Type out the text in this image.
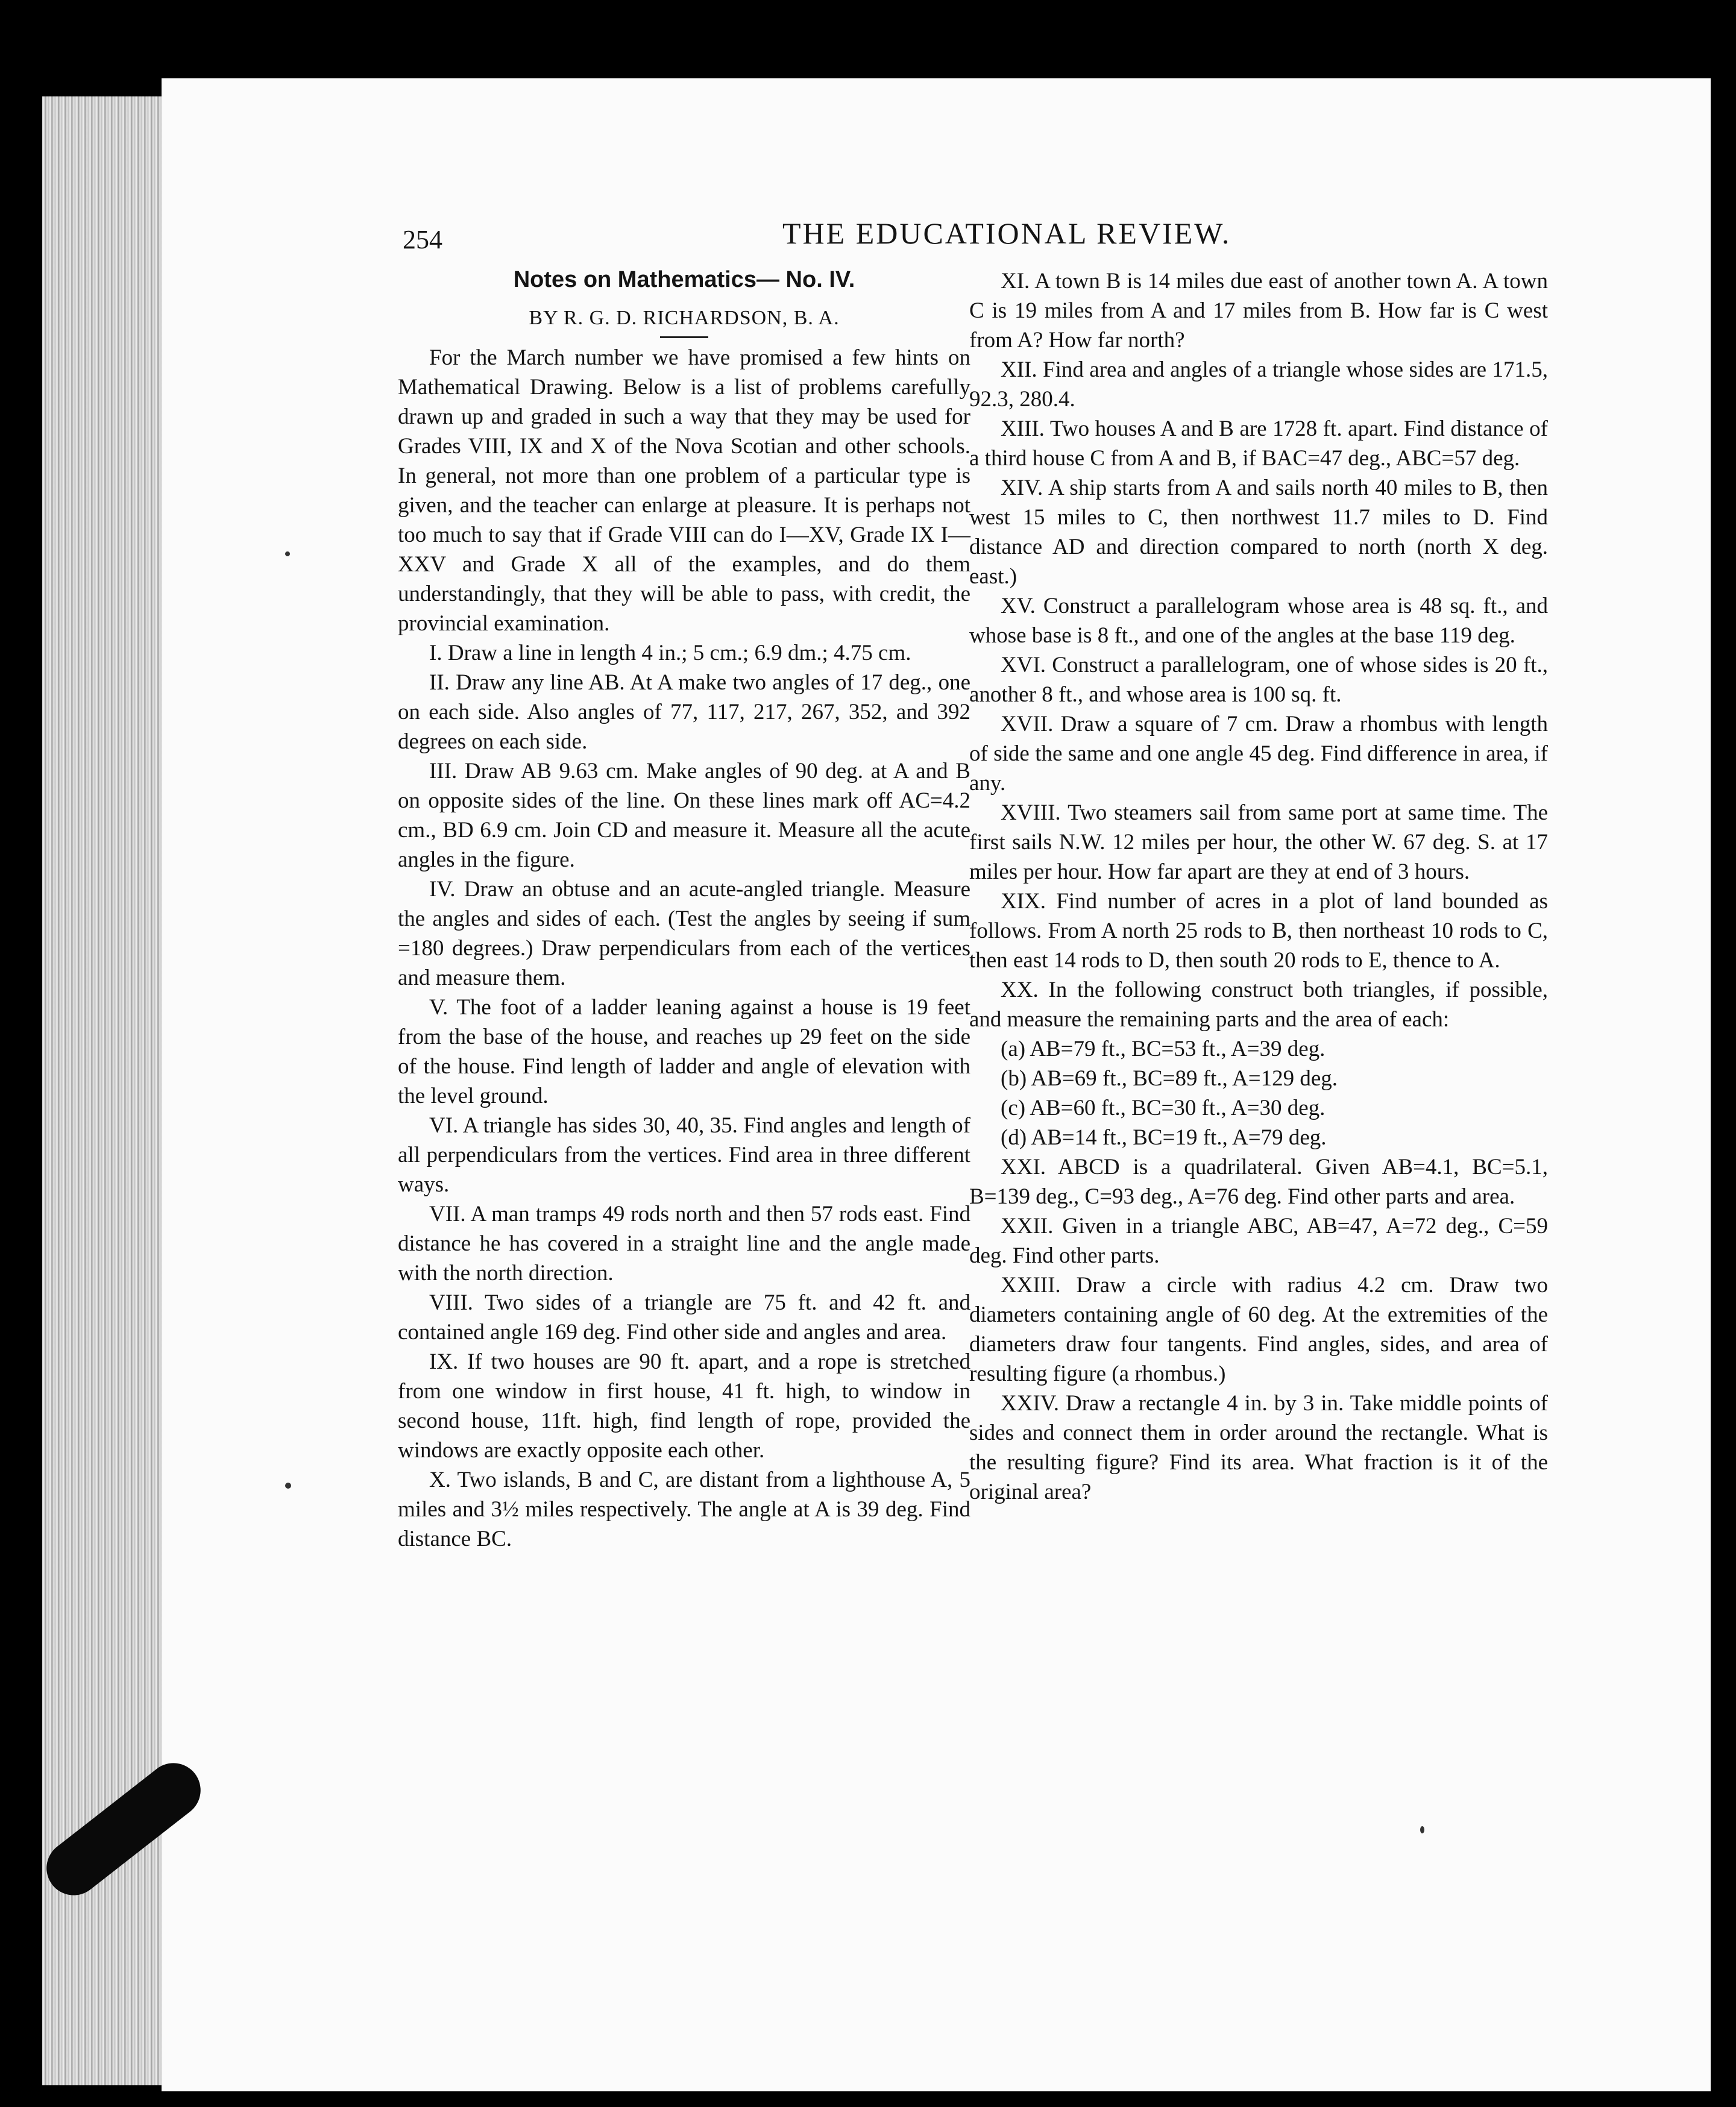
254	THE EDUCATIONAL REVIEW.
Notes on Mathematics— No. IV.
BY R. G. D. RICHARDSON, B. A.

For the March number we have promised a few hints on Mathematical Drawing. Below is a list of problems carefully drawn up and graded in such a way that they may be used for Grades VIII, IX and X of the Nova Scotian and other schools. In general, not more than one problem of a particular type is given, and the teacher can enlarge at pleasure. It is perhaps not too much to say that if Grade VIII can do I—XV, Grade IX I—XXV and Grade X all of the examples, and do them understandingly, that they will be able to pass, with credit, the provincial examination.

I. Draw a line in length 4 in.; 5 cm.; 6.9 dm.; 4.75 cm.

II. Draw any line AB. At A make two angles of 17 deg., one on each side. Also angles of 77, 117, 217, 267, 352, and 392 degrees on each side.

III. Draw AB 9.63 cm. Make angles of 90 deg. at A and B on opposite sides of the line. On these lines mark off AC=4.2 cm., BD 6.9 cm. Join CD and measure it. Measure all the acute angles in the figure.

IV. Draw an obtuse and an acute-angled triangle. Measure the angles and sides of each. (Test the angles by seeing if sum =180 degrees.) Draw perpendiculars from each of the vertices and measure them.

V. The foot of a ladder leaning against a house is 19 feet from the base of the house, and reaches up 29 feet on the side of the house. Find length of ladder and angle of elevation with the level ground.

VI. A triangle has sides 30, 40, 35. Find angles and length of all perpendiculars from the vertices. Find area in three different ways.

VII. A man tramps 49 rods north and then 57 rods east. Find distance he has covered in a straight line and the angle made with the north direction.

VIII. Two sides of a triangle are 75 ft. and 42 ft. and contained angle 169 deg. Find other side and angles and area.

IX. If two houses are 90 ft. apart, and a rope is stretched from one window in first house, 41 ft. high, to window in second house, 11ft. high, find length of rope, provided the windows are exactly opposite each other.

X. Two islands, B and C, are distant from a lighthouse A, 5 miles and 3½ miles respectively. The angle at A is 39 deg. Find distance BC.

XI. A town B is 14 miles due east of another town A. A town C is 19 miles from A and 17 miles from B. How far is C west from A? How far north?

XII. Find area and angles of a triangle whose sides are 171.5, 92.3, 280.4.

XIII. Two houses A and B are 1728 ft. apart. Find distance of a third house C from A and B, if BAC=47 deg., ABC=57 deg.

XIV. A ship starts from A and sails north 40 miles to B, then west 15 miles to C, then northwest 11.7 miles to D. Find distance AD and direction compared to north (north X deg. east.)

XV. Construct a parallelogram whose area is 48 sq. ft., and whose base is 8 ft., and one of the angles at the base 119 deg.

XVI. Construct a parallelogram, one of whose sides is 20 ft., another 8 ft., and whose area is 100 sq. ft.

XVII. Draw a square of 7 cm. Draw a rhombus with length of side the same and one angle 45 deg. Find difference in area, if any.

XVIII. Two steamers sail from same port at same time. The first sails N.W. 12 miles per hour, the other W. 67 deg. S. at 17 miles per hour. How far apart are they at end of 3 hours.

XIX. Find number of acres in a plot of land bounded as follows. From A north 25 rods to B, then northeast 10 rods to C, then east 14 rods to D, then south 20 rods to E, thence to A.

XX. In the following construct both triangles, if possible, and measure the remaining parts and the area of each:

(a) AB=79 ft., BC=53 ft., A=39 deg.

(b) AB=69 ft., BC=89 ft., A=129 deg.

(c) AB=60 ft., BC=30 ft., A=30 deg.

(d) AB=14 ft., BC=19 ft., A=79 deg.

XXI. ABCD is a quadrilateral. Given AB=4.1, BC=5.1, B=139 deg., C=93 deg., A=76 deg. Find other parts and area.

XXII. Given in a triangle ABC, AB=47, A=72 deg., C=59 deg. Find other parts.

XXIII. Draw a circle with radius 4.2 cm. Draw two diameters containing angle of 60 deg. At the extremities of the diameters draw four tangents. Find angles, sides, and area of resulting figure (a rhombus.)

XXIV. Draw a rectangle 4 in. by 3 in. Take middle points of sides and connect them in order around the rectangle. What is the resulting figure? Find its area. What fraction is it of the original area?
